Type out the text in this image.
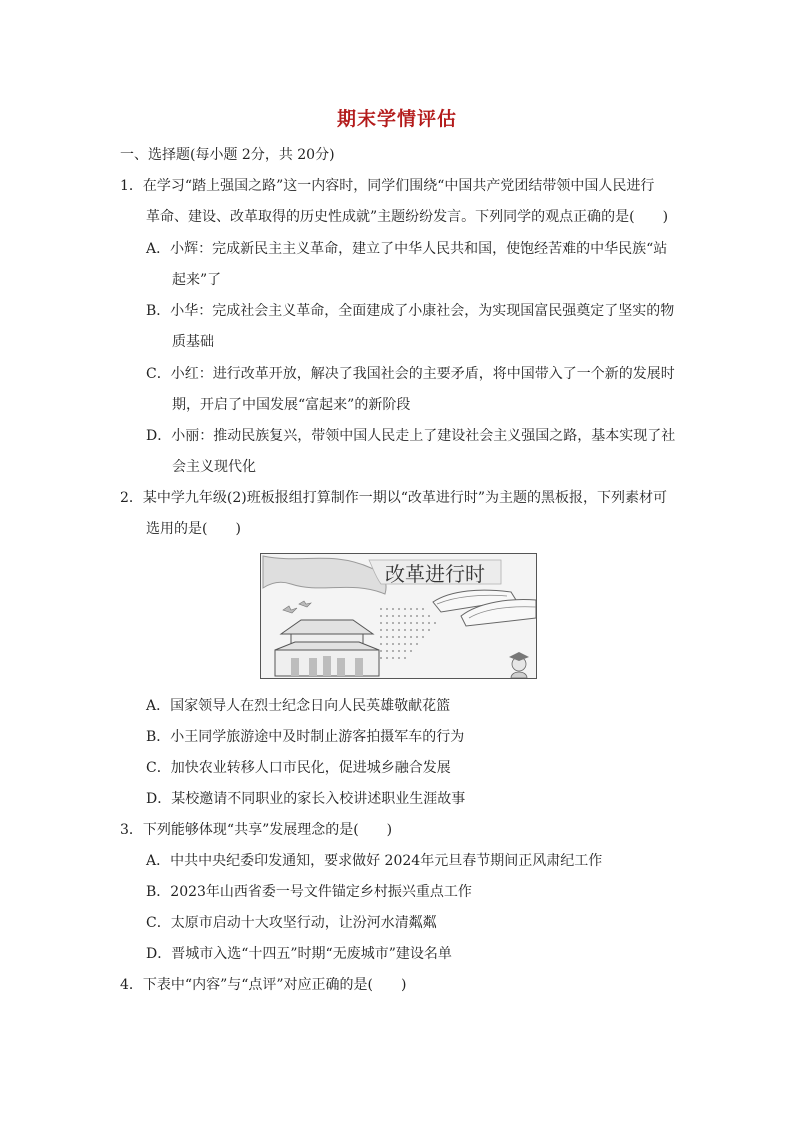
期末学情评估
一、选择题(每小题 2分，共 20分)
1．在学习“踏上强国之路”这一内容时，同学们围绕“中国共产党团结带领中国人民进行
革命、建设、改革取得的历史性成就”主题纷纷发言。下列同学的观点正确的是(　　)
A．小辉：完成新民主主义革命，建立了中华人民共和国，使饱经苦难的中华民族“站
起来”了
B．小华：完成社会主义革命，全面建成了小康社会，为实现国富民强奠定了坚实的物
质基础
C．小红：进行改革开放，解决了我国社会的主要矛盾，将中国带入了一个新的发展时
期，开启了中国发展“富起来”的新阶段
D．小丽：推动民族复兴，带领中国人民走上了建设社会主义强国之路，基本实现了社
会主义现代化
2．某中学九年级(2)班板报组打算制作一期以“改革进行时”为主题的黑板报，下列素材可
选用的是(　　)
改革进行时
A．国家领导人在烈士纪念日向人民英雄敬献花篮
B．小王同学旅游途中及时制止游客拍摄军车的行为
C．加快农业转移人口市民化，促进城乡融合发展
D．某校邀请不同职业的家长入校讲述职业生涯故事
3．下列能够体现“共享”发展理念的是(　　)
A．中共中央纪委印发通知，要求做好 2024年元旦春节期间正风肃纪工作
B．2023年山西省委一号文件锚定乡村振兴重点工作
C．太原市启动十大攻坚行动，让汾河水清粼粼
D．晋城市入选“十四五”时期“无废城市”建设名单
4．下表中“内容”与“点评”对应正确的是(　　)
